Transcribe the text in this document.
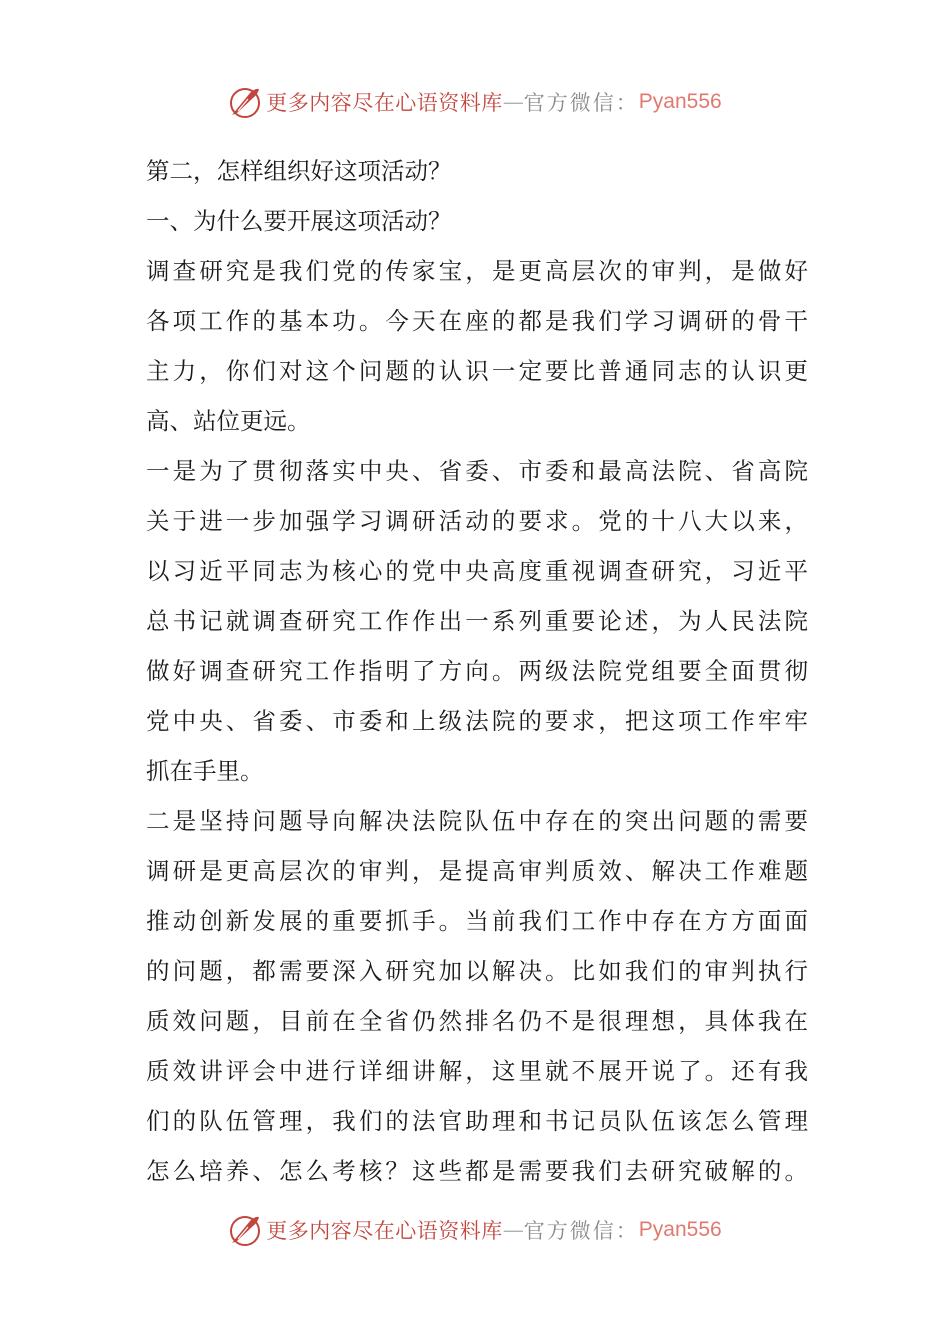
更多内容尽在心语资料库 — 官方微信： Pyan556
第二，怎样组织好这项活动？
一、为什么要开展这项活动？
调查研究是我们党的传家宝，是更高层次的审判，是做好
各项工作的基本功。今天在座的都是我们学习调研的骨干
主力，你们对这个问题的认识一定要比普通同志的认识更
高、站位更远。
一是为了贯彻落实中央、省委、市委和最高法院、省高院
关于进一步加强学习调研活动的要求。党的十八大以来，
以习近平同志为核心的党中央高度重视调查研究，习近平
总书记就调查研究工作作出一系列重要论述，为人民法院
做好调查研究工作指明了方向。两级法院党组要全面贯彻
党中央、省委、市委和上级法院的要求，把这项工作牢牢
抓在手里。
二是坚持问题导向解决法院队伍中存在的突出问题的需要
调研是更高层次的审判，是提高审判质效、解决工作难题
推动创新发展的重要抓手。当前我们工作中存在方方面面
的问题，都需要深入研究加以解决。比如我们的审判执行
质效问题，目前在全省仍然排名仍不是很理想，具体我在
质效讲评会中进行详细讲解，这里就不展开说了。还有我
们的队伍管理，我们的法官助理和书记员队伍该怎么管理
怎么培养、怎么考核？这些都是需要我们去研究破解的。
更多内容尽在心语资料库 — 官方微信： Pyan556
